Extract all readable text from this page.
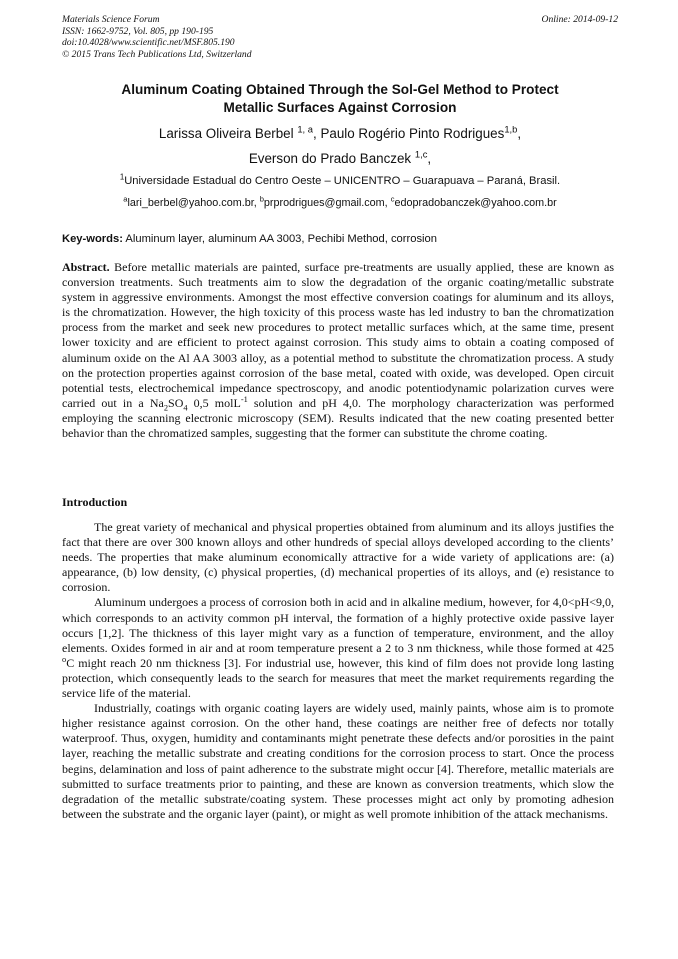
Materials Science Forum
ISSN: 1662-9752, Vol. 805, pp 190-195
doi:10.4028/www.scientific.net/MSF.805.190
© 2015 Trans Tech Publications Ltd, Switzerland
Online: 2014-09-12
Aluminum Coating Obtained Through the Sol-Gel Method to Protect
Metallic Surfaces Against Corrosion
Larissa Oliveira Berbel $^{1, a}$, Paulo Rogério Pinto Rodrigues$^{1,b}$,
Everson do Prado Banczek $^{1,c}$,
$^1$Universidade Estadual do Centro Oeste – UNICENTRO – Guarapuava – Paraná, Brasil.
$^a$lari_berbel@yahoo.com.br, $^b$prprodrigues@gmail.com, $^c$edopradobanczek@yahoo.com.br
Key-words: Aluminum layer, aluminum AA 3003, Pechibi Method, corrosion
Abstract. Before metallic materials are painted, surface pre-treatments are usually applied, these are known as conversion treatments. Such treatments aim to slow the degradation of the organic coating/metallic substrate system in aggressive environments. Amongst the most effective conversion coatings for aluminum and its alloys, is the chromatization. However, the high toxicity of this process waste has led industry to ban the chromatization process from the market and seek new procedures to protect metallic surfaces which, at the same time, present lower toxicity and are efficient to protect against corrosion. This study aims to obtain a coating composed of aluminum oxide on the Al AA 3003 alloy, as a potential method to substitute the chromatization process. A study on the protection properties against corrosion of the base metal, coated with oxide, was developed. Open circuit potential tests, electrochemical impedance spectroscopy, and anodic potentiodynamic polarization curves were carried out in a $Na_2SO_4$ 0,5 molL$^{-1}$ solution and pH 4,0. The morphology characterization was performed employing the scanning electronic microscopy (SEM). Results indicated that the new coating presented better behavior than the chromatized samples, suggesting that the former can substitute the chrome coating.
Introduction

The great variety of mechanical and physical properties obtained from aluminum and its alloys justifies the fact that there are over 300 known alloys and other hundreds of special alloys developed according to the clients’ needs. The properties that make aluminum economically attractive for a wide variety of applications are: (a) appearance, (b) low density, (c) physical properties, (d) mechanical properties of its alloys, and (e) resistance to corrosion.

Aluminum undergoes a process of corrosion both in acid and in alkaline medium, however, for 4,0<pH<9,0, which corresponds to an activity common pH interval, the formation of a highly protective oxide passive layer occurs [1,2]. The thickness of this layer might vary as a function of temperature, environment, and the alloy elements. Oxides formed in air and at room temperature present a 2 to 3 nm thickness, while those formed at 425 $^o$C might reach 20 nm thickness [3]. For industrial use, however, this kind of film does not provide long lasting protection, which consequently leads to the search for measures that meet the market requirements regarding the service life of the material.

Industrially, coatings with organic coating layers are widely used, mainly paints, whose aim is to promote higher resistance against corrosion. On the other hand, these coatings are neither free of defects nor totally waterproof. Thus, oxygen, humidity and contaminants might penetrate these defects and/or porosities in the paint layer, reaching the metallic substrate and creating conditions for the corrosion process to start. Once the process begins, delamination and loss of paint adherence to the substrate might occur [4]. Therefore, metallic materials are submitted to surface treatments prior to painting, and these are known as conversion treatments, which slow the degradation of the metallic substrate/coating system. These processes might act only by promoting adhesion between the substrate and the organic layer (paint), or might as well promote inhibition of the attack mechanisms.
